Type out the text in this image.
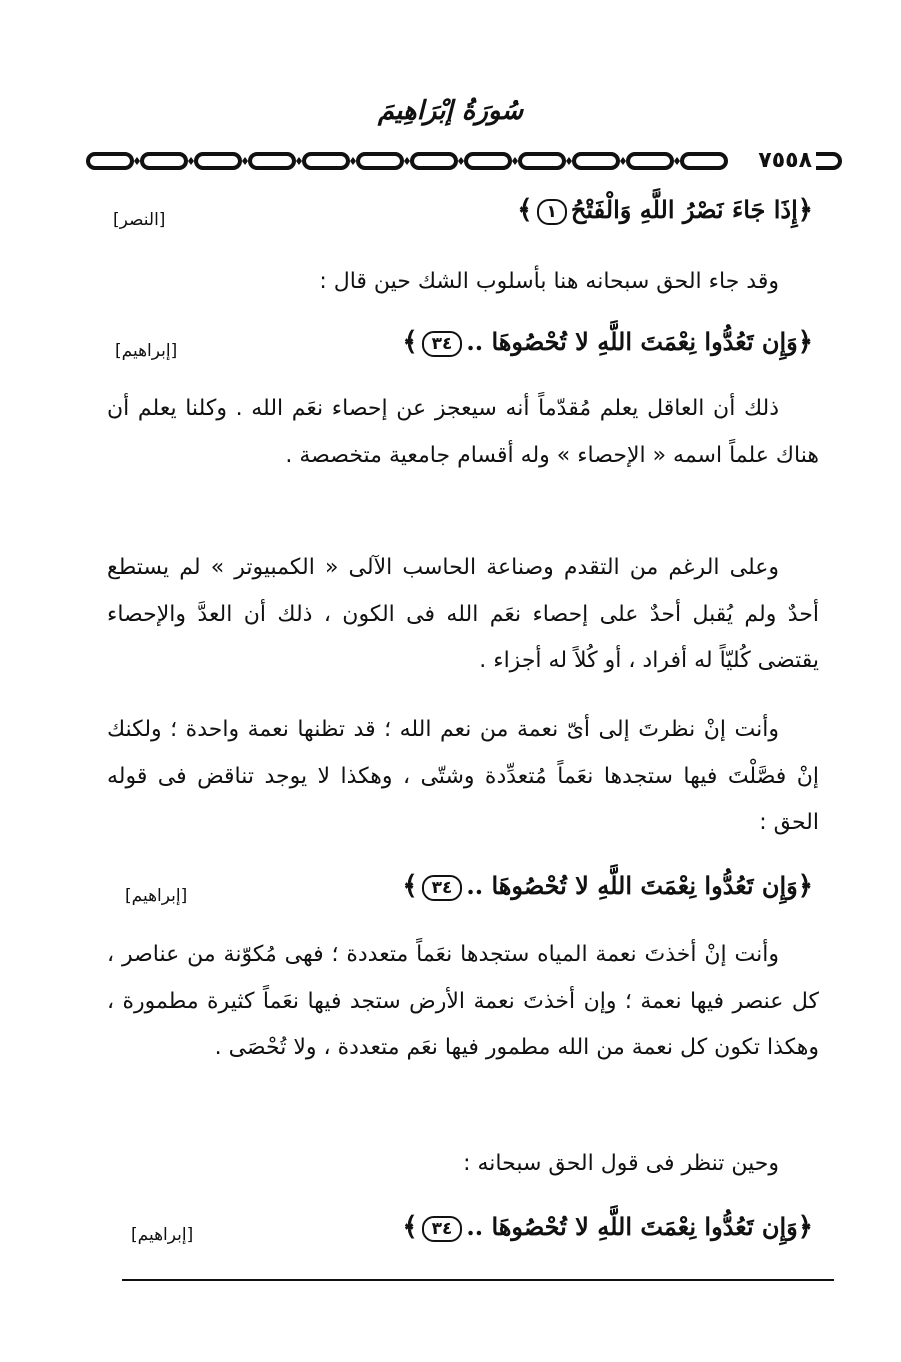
سُورَةُ إبْرَاهِيمَ
٧٥٥٨
﴿إِذَا جَاءَ نَصْرُ اللَّهِ وَالْفَتْحُ١﴾
[النصر]
وقد جاء الحق سبحانه هنا بأسلوب الشك حين قال :
﴿وَإِن تَعُدُّوا نِعْمَتَ اللَّهِ لا تُحْصُوهَا ..٣٤﴾
[إبراهيم]
ذلك أن العاقل يعلم مُقدّماً أنه سيعجز عن إحصاء نعَم الله . وكلنا يعلم أن هناك علماً اسمه « الإحصاء » وله أقسام جامعية متخصصة .
وعلى الرغم من التقدم وصناعة الحاسب الآلى « الكمبيوتر » لم يستطع أحدٌ ولم يُقبل أحدٌ على إحصاء نعَم الله فى الكون ، ذلك أن العدَّ والإحصاء يقتضى كُليّاً له أفراد ، أو كُلاً له أجزاء .
وأنت إنْ نظرتَ إلى أىّ نعمة من نعم الله ؛ قد تظنها نعمة واحدة ؛ ولكنك إنْ فصَّلْتَ فيها ستجدها نعَماً مُتعدِّدة وشتّى ، وهكذا لا يوجد تناقض فى قوله الحق :
﴿وَإِن تَعُدُّوا نِعْمَتَ اللَّهِ لا تُحْصُوهَا ..٣٤﴾
[إبراهيم]
وأنت إنْ أخذتَ نعمة المياه ستجدها نعَماً متعددة ؛ فهى مُكوّنة من عناصر ، كل عنصر فيها نعمة ؛ وإن أخذتَ نعمة الأرض ستجد فيها نعَماً كثيرة مطمورة ، وهكذا تكون كل نعمة من الله مطمور فيها نعَم متعددة ، ولا تُحْصَى .
وحين تنظر فى قول الحق سبحانه :
﴿وَإِن تَعُدُّوا نِعْمَتَ اللَّهِ لا تُحْصُوهَا ..٣٤﴾
[إبراهيم]
